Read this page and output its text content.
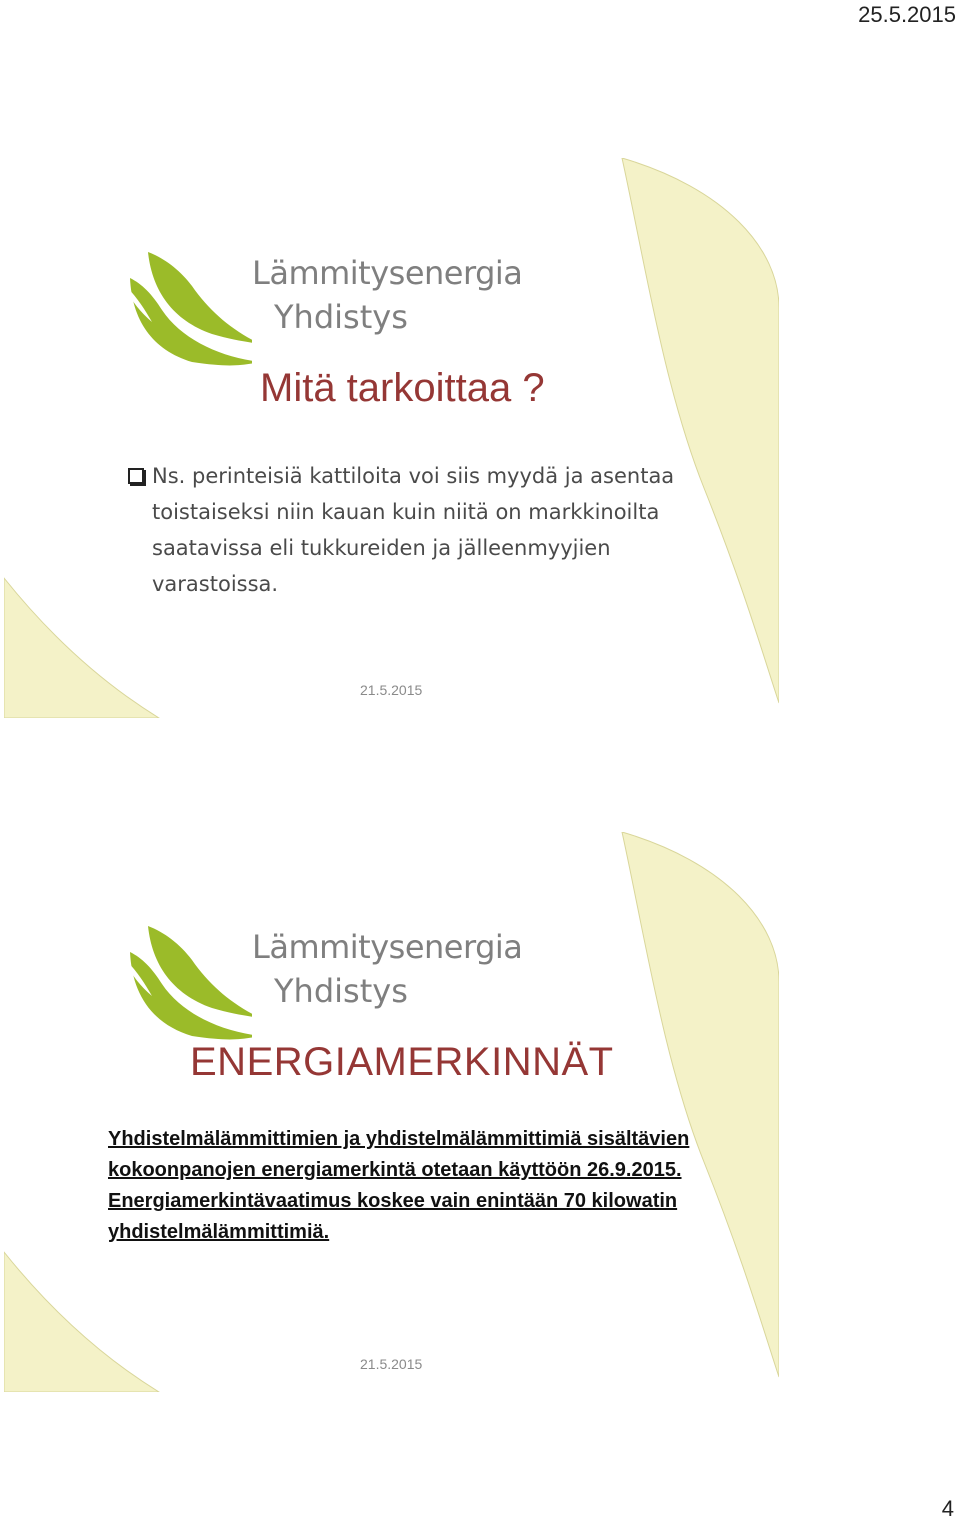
25.5.2015
Lämmitysenergia
Yhdistys
Mitä tarkoittaa ?
Ns. perinteisiä kattiloita voi siis myydä ja asentaa toistaiseksi niin kauan kuin niitä on markkinoilta saatavissa eli tukkureiden ja jälleenmyyjien varastoissa.
21.5.2015
Lämmitysenergia
Yhdistys
ENERGIAMERKINNÄT
Yhdistelmälämmittimien ja yhdistelmälämmittimiä sisältävien kokoonpanojen energiamerkintä otetaan käyttöön 26.9.2015. Energiamerkintävaatimus koskee vain enintään 70 kilowatin yhdistelmälämmittimiä.
21.5.2015
4
